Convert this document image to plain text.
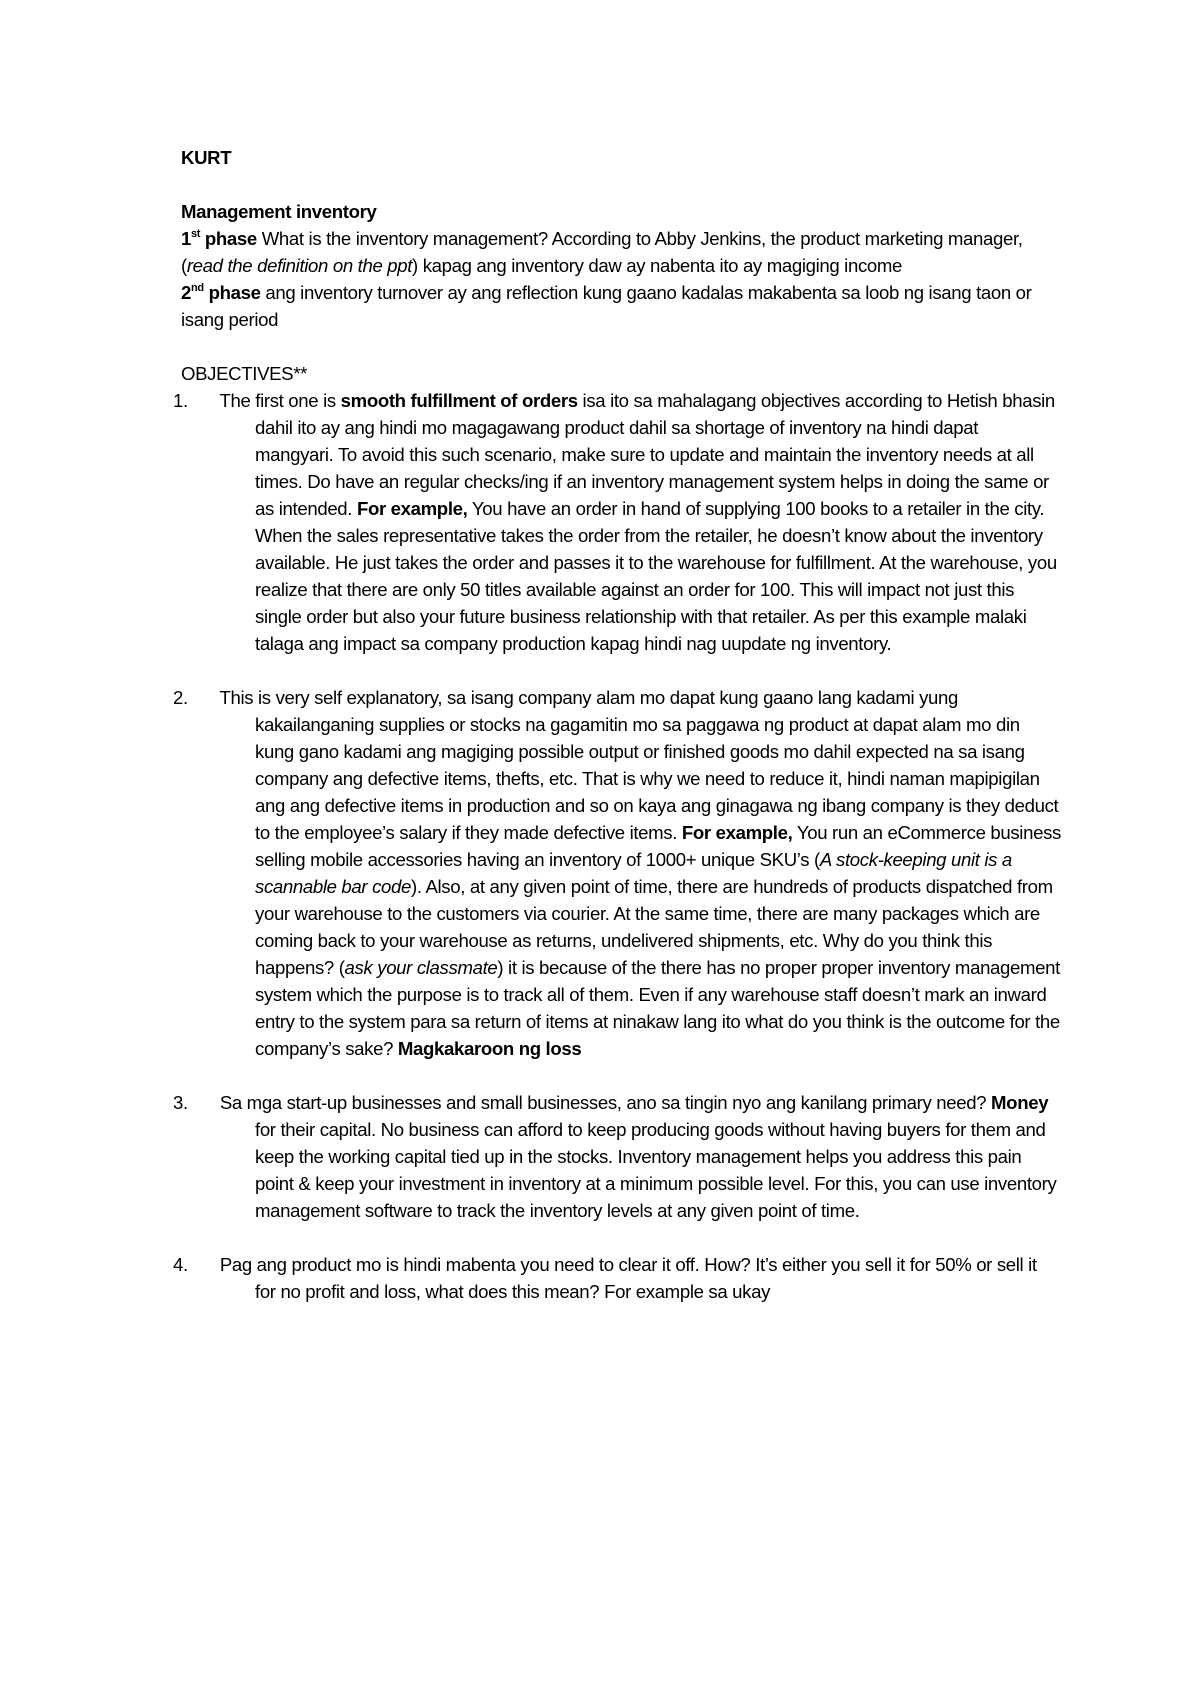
KURT

Management inventory

1st phase What is the inventory management? According to Abby Jenkins, the product marketing manager, (read the definition on the ppt) kapag ang inventory daw ay nabenta ito ay magiging income

2nd phase ang inventory turnover ay ang reflection kung gaano kadalas makabenta sa loob ng isang taon or isang period

OBJECTIVES**

1. The first one is smooth fulfillment of orders isa ito sa mahalagang objectives according to Hetish bhasin dahil ito ay ang hindi mo magagawang product dahil sa shortage of inventory na hindi dapat mangyari. To avoid this such scenario, make sure to update and maintain the inventory needs at all times. Do have an regular checks/ing if an inventory management system helps in doing the same or as intended. For example, You have an order in hand of supplying 100 books to a retailer in the city. When the sales representative takes the order from the retailer, he doesn’t know about the inventory available. He just takes the order and passes it to the warehouse for fulfillment. At the warehouse, you realize that there are only 50 titles available against an order for 100. This will impact not just this single order but also your future business relationship with that retailer. As per this example malaki talaga ang impact sa company production kapag hindi nag uupdate ng inventory.
2. This is very self explanatory, sa isang company alam mo dapat kung gaano lang kadami yung kakailanganing supplies or stocks na gagamitin mo sa paggawa ng product at dapat alam mo din kung gano kadami ang magiging possible output or finished goods mo dahil expected na sa isang company ang defective items, thefts, etc. That is why we need to reduce it, hindi naman mapipigilan ang ang defective items in production and so on kaya ang ginagawa ng ibang company is they deduct to the employee’s salary if they made defective items. For example, You run an eCommerce business selling mobile accessories having an inventory of 1000+ unique SKU’s (A stock-keeping unit is a scannable bar code). Also, at any given point of time, there are hundreds of products dispatched from your warehouse to the customers via courier. At the same time, there are many packages which are coming back to your warehouse as returns, undelivered shipments, etc. Why do you think this happens? (ask your classmate) it is because of the there has no proper proper inventory management system which the purpose is to track all of them. Even if any warehouse staff doesn’t mark an inward entry to the system para sa return of items at ninakaw lang ito what do you think is the outcome for the company’s sake? Magkakaroon ng loss
3. Sa mga start-up businesses and small businesses, ano sa tingin nyo ang kanilang primary need? Money for their capital. No business can afford to keep producing goods without having buyers for them and keep the working capital tied up in the stocks. Inventory management helps you address this pain point & keep your investment in inventory at a minimum possible level. For this, you can use inventory management software to track the inventory levels at any given point of time.
4. Pag ang product mo is hindi mabenta you need to clear it off. How? It’s either you sell it for 50% or sell it for no profit and loss, what does this mean? For example sa ukay
